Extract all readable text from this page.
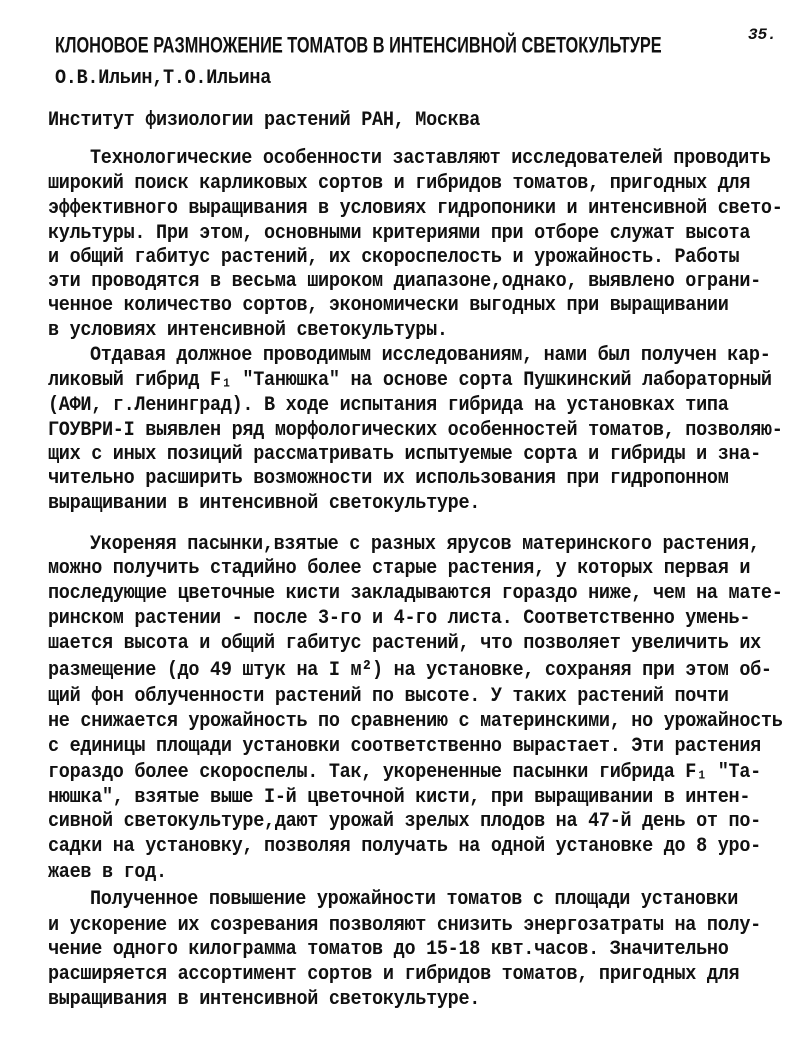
35.
КЛОНОВОЕ РАЗМНОЖЕНИЕ ТОМАТОВ В ИНТЕНСИВНОЙ СВЕТОКУЛЬТУРЕ
О.В.Ильин,Т.О.Ильина
Институт физиологии растений РАН, Москва
Технологические особенности заставляют исследователей проводить
широкий поиск карликовых сортов и гибридов томатов, пригодных для
эффективного выращивания в условиях гидропоники и интенсивной свето-
культуры. При этом, основными критериями при отборе служат высота
и общий габитус растений, их скороспелость и урожайность. Работы
эти проводятся в весьма широком диапазоне,однако, выявлено ограни-
ченное количество сортов, экономически выгодных при выращивании
в условиях интенсивной светокультуры.
Отдавая должное проводимым исследованиям, нами был получен кар-
ликовый гибрид F₁ "Танюшка" на основе сорта Пушкинский лабораторный
(АФИ, г.Ленинград). В ходе испытания гибрида на установках типа
ГОУВРИ-I выявлен ряд морфологических особенностей томатов, позволяю-
щих с иных позиций рассматривать испытуемые сорта и гибриды и зна-
чительно расширить возможности их использования при гидропонном
выращивании в интенсивной светокультуре.
Укореняя пасынки,взятые с разных ярусов материнского растения,
можно получить стадийно более старые растения, у которых первая и
последующие цветочные кисти закладываются гораздо ниже, чем на мате-
ринском растении - после 3-го и 4-го листа. Соответственно умень-
шается высота и общий габитус растений, что позволяет увеличить их
размещение (до 49 штук на I м²) на установке, сохраняя при этом об-
щий фон облученности растений по высоте. У таких растений почти
не снижается урожайность по сравнению с материнскими, но урожайность
с единицы площади установки соответственно вырастает. Эти растения
гораздо более скороспелы. Так, укорененные пасынки гибрида F₁ "Та-
нюшка", взятые выше I-й цветочной кисти, при выращивании в интен-
сивной светокультуре,дают урожай зрелых плодов на 47-й день от по-
садки на установку, позволяя получать на одной установке до 8 уро-
жаев в год.
Полученное повышение урожайности томатов с площади установки
и ускорение их созревания позволяют снизить энергозатраты на полу-
чение одного килограмма томатов до 15-18 квт.часов. Значительно
расширяется ассортимент сортов и гибридов томатов, пригодных для
выращивания в интенсивной светокультуре.
